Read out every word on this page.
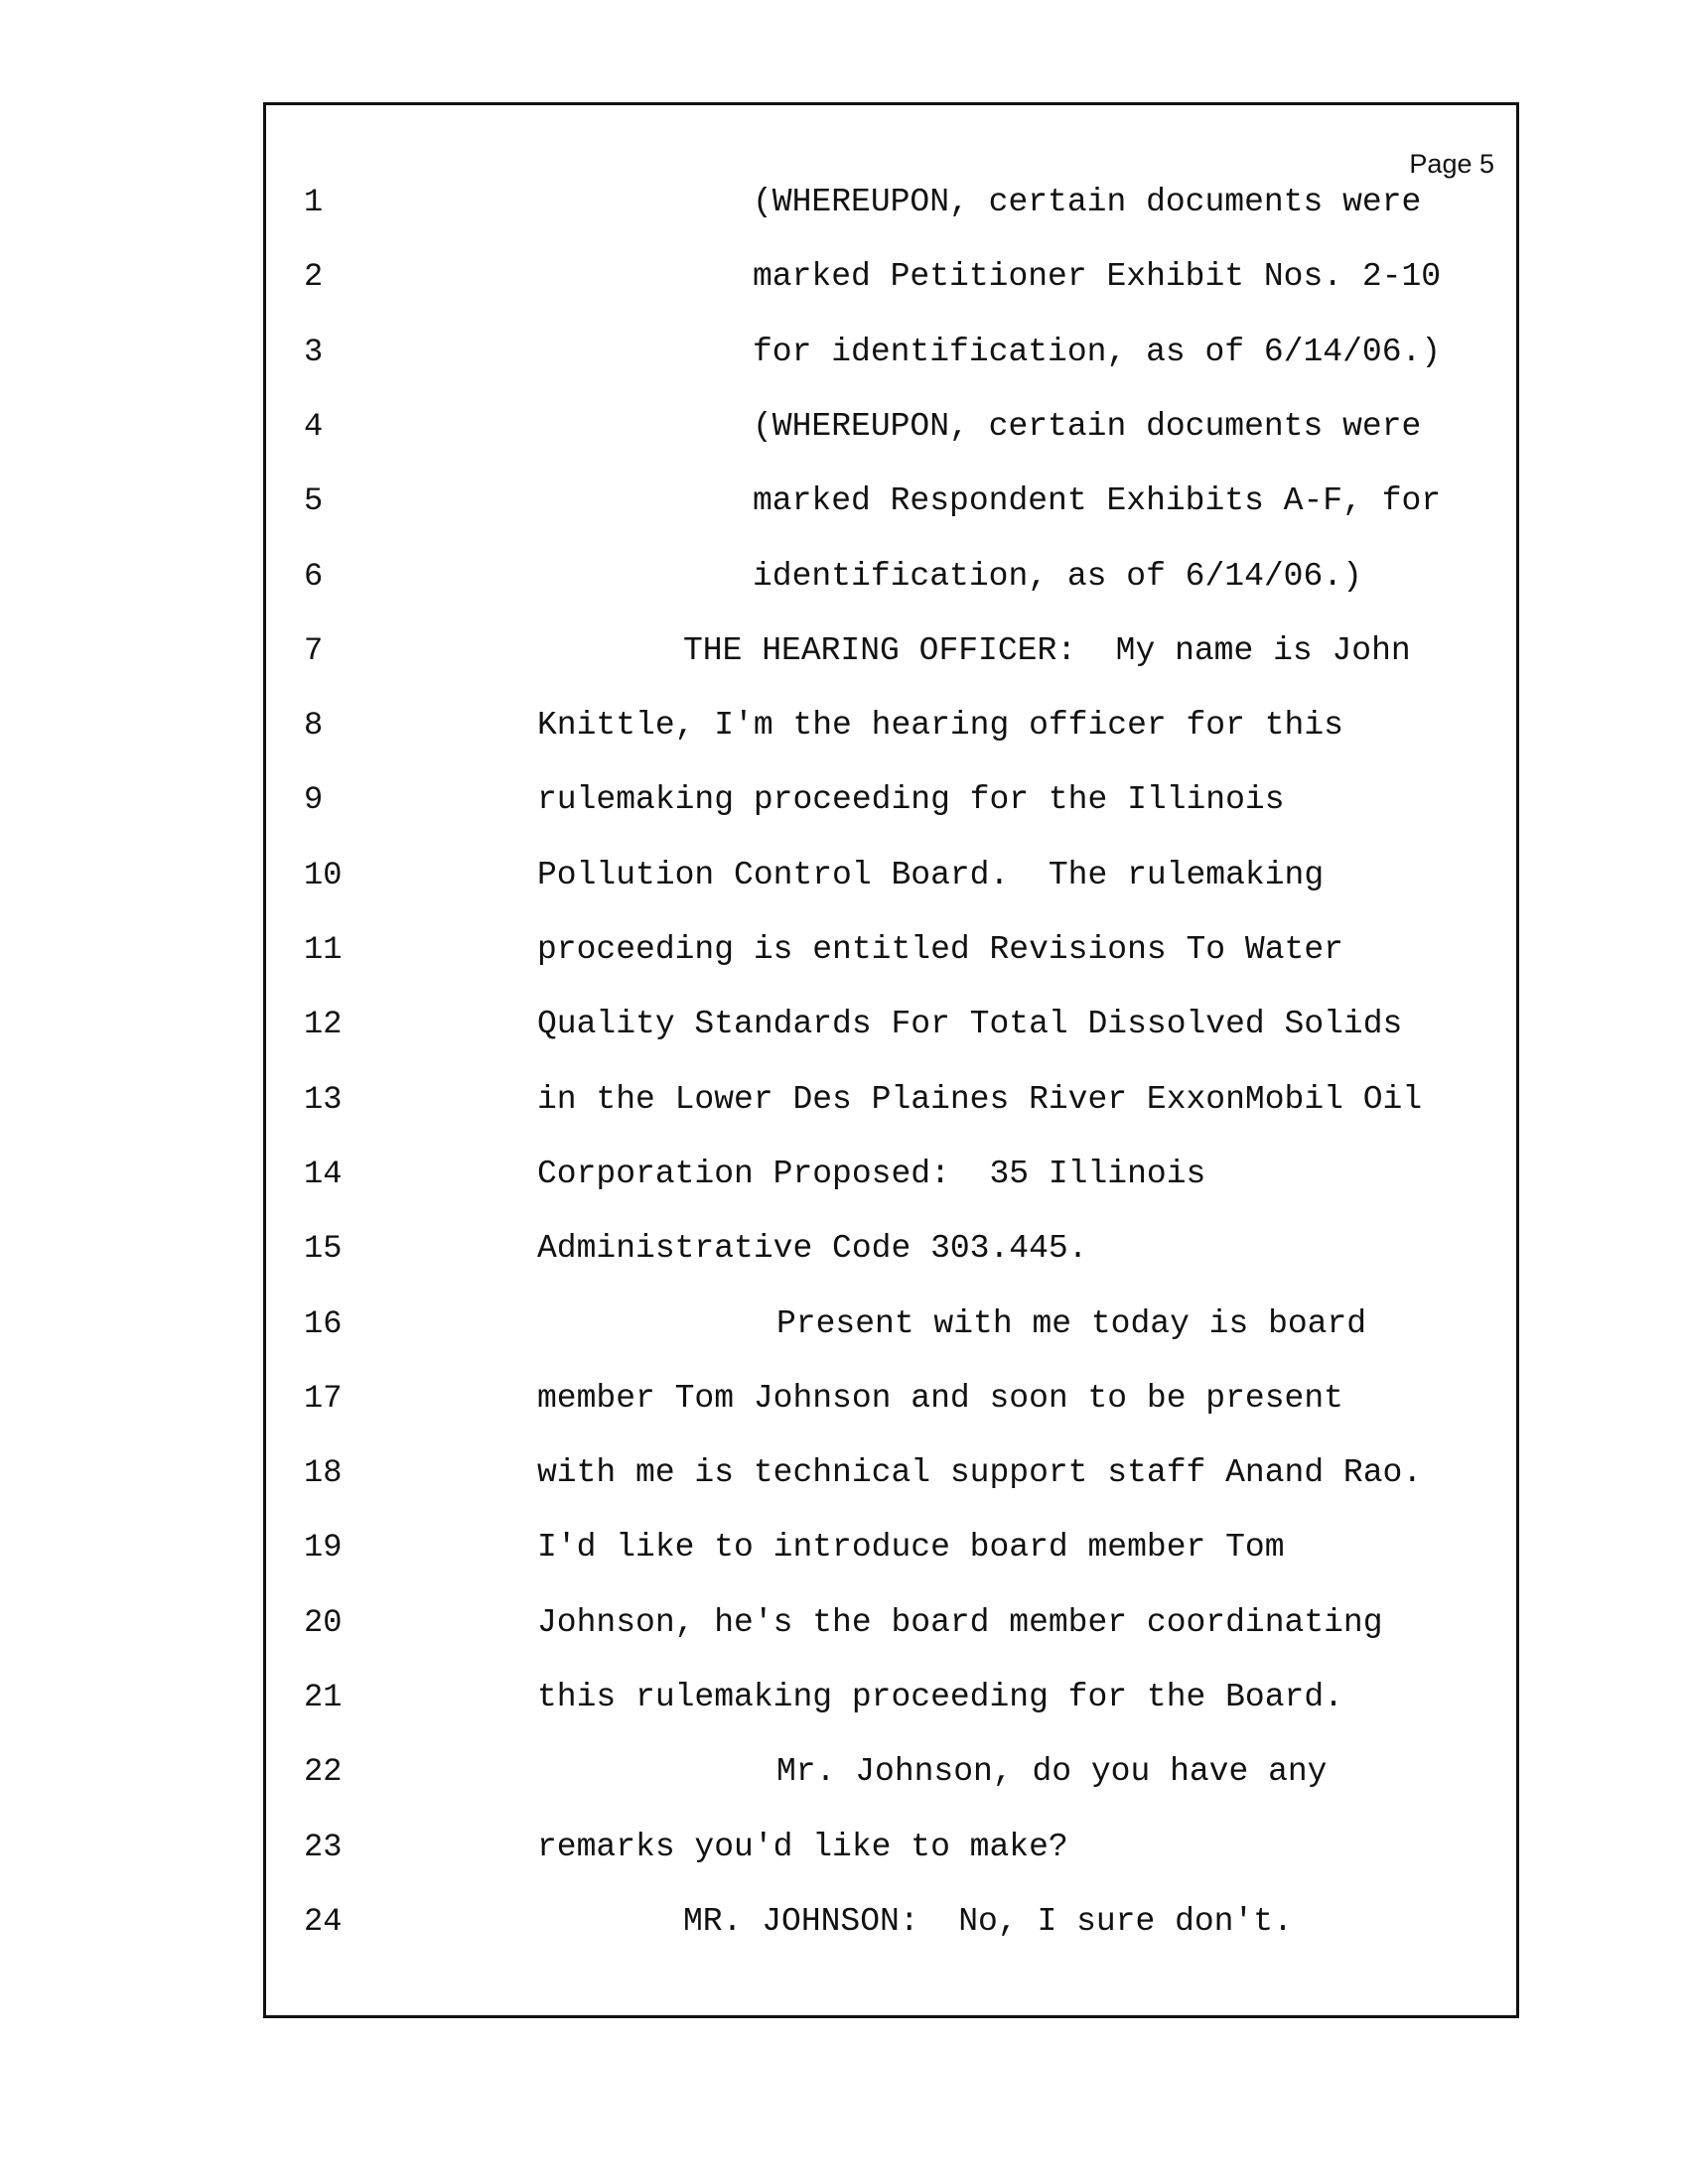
Page 5
1	(WHEREUPON, certain documents were
2	marked Petitioner Exhibit Nos. 2-10
3	for identification, as of 6/14/06.)
4	(WHEREUPON, certain documents were
5	marked Respondent Exhibits A-F, for
6	identification, as of 6/14/06.)
7	THE HEARING OFFICER:  My name is John
8	Knittle, I'm the hearing officer for this
9	rulemaking proceeding for the Illinois
10	Pollution Control Board.  The rulemaking
11	proceeding is entitled Revisions To Water
12	Quality Standards For Total Dissolved Solids
13	in the Lower Des Plaines River ExxonMobil Oil
14	Corporation Proposed:  35 Illinois
15	Administrative Code 303.445.
16	Present with me today is board
17	member Tom Johnson and soon to be present
18	with me is technical support staff Anand Rao.
19	I'd like to introduce board member Tom
20	Johnson, he's the board member coordinating
21	this rulemaking proceeding for the Board.
22	Mr. Johnson, do you have any
23	remarks you'd like to make?
24	MR. JOHNSON:  No, I sure don't.
